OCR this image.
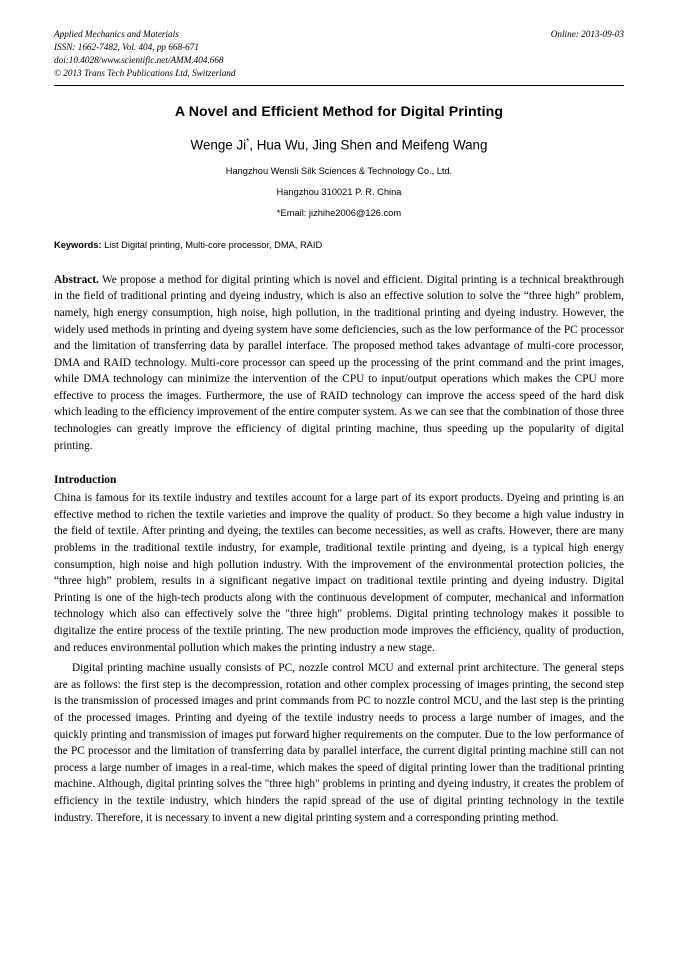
Applied Mechanics and Materials
ISSN: 1662-7482, Vol. 404, pp 668-671
doi:10.4028/www.scientific.net/AMM.404.668
© 2013 Trans Tech Publications Ltd, Switzerland
Online: 2013-09-03
A Novel and Efficient Method for Digital Printing
Wenge Ji*, Hua Wu, Jing Shen and Meifeng Wang
Hangzhou Wensli Silk Sciences & Technology Co., Ltd.
Hangzhou 310021 P. R. China
*Email: jizhihe2006@126.com
Keywords: List Digital printing, Multi-core processor, DMA, RAID
Abstract. We propose a method for digital printing which is novel and efficient. Digital printing is a technical breakthrough in the field of traditional printing and dyeing industry, which is also an effective solution to solve the “three high” problem, namely, high energy consumption, high noise, high pollution, in the traditional printing and dyeing industry. However, the widely used methods in printing and dyeing system have some deficiencies, such as the low performance of the PC processor and the limitation of transferring data by parallel interface. The proposed method takes advantage of multi-core processor, DMA and RAID technology. Multi-core processor can speed up the processing of the print command and the print images, while DMA technology can minimize the intervention of the CPU to input/output operations which makes the CPU more effective to process the images. Furthermore, the use of RAID technology can improve the access speed of the hard disk which leading to the efficiency improvement of the entire computer system. As we can see that the combination of those three technologies can greatly improve the efficiency of digital printing machine, thus speeding up the popularity of digital printing.
Introduction
China is famous for its textile industry and textiles account for a large part of its export products. Dyeing and printing is an effective method to richen the textile varieties and improve the quality of product. So they become a high value industry in the field of textile. After printing and dyeing, the textiles can become necessities, as well as crafts. However, there are many problems in the traditional textile industry, for example, traditional textile printing and dyeing, is a typical high energy consumption, high noise and high pollution industry. With the improvement of the environmental protection policies, the “three high” problem, results in a significant negative impact on traditional textile printing and dyeing industry. Digital Printing is one of the high-tech products along with the continuous development of computer, mechanical and information technology which also can effectively solve the "three high" problems. Digital printing technology makes it possible to digitalize the entire process of the textile printing. The new production mode improves the efficiency, quality of production, and reduces environmental pollution which makes the printing industry a new stage.
Digital printing machine usually consists of PC, nozzle control MCU and external print architecture. The general steps are as follows: the first step is the decompression, rotation and other complex processing of images printing, the second step is the transmission of processed images and print commands from PC to nozzle control MCU, and the last step is the printing of the processed images. Printing and dyeing of the textile industry needs to process a large number of images, and the quickly printing and transmission of images put forward higher requirements on the computer. Due to the low performance of the PC processor and the limitation of transferring data by parallel interface, the current digital printing machine still can not process a large number of images in a real-time, which makes the speed of digital printing lower than the traditional printing machine. Although, digital printing solves the "three high" problems in printing and dyeing industry, it creates the problem of efficiency in the textile industry, which hinders the rapid spread of the use of digital printing technology in the textile industry. Therefore, it is necessary to invent a new digital printing system and a corresponding printing method.
